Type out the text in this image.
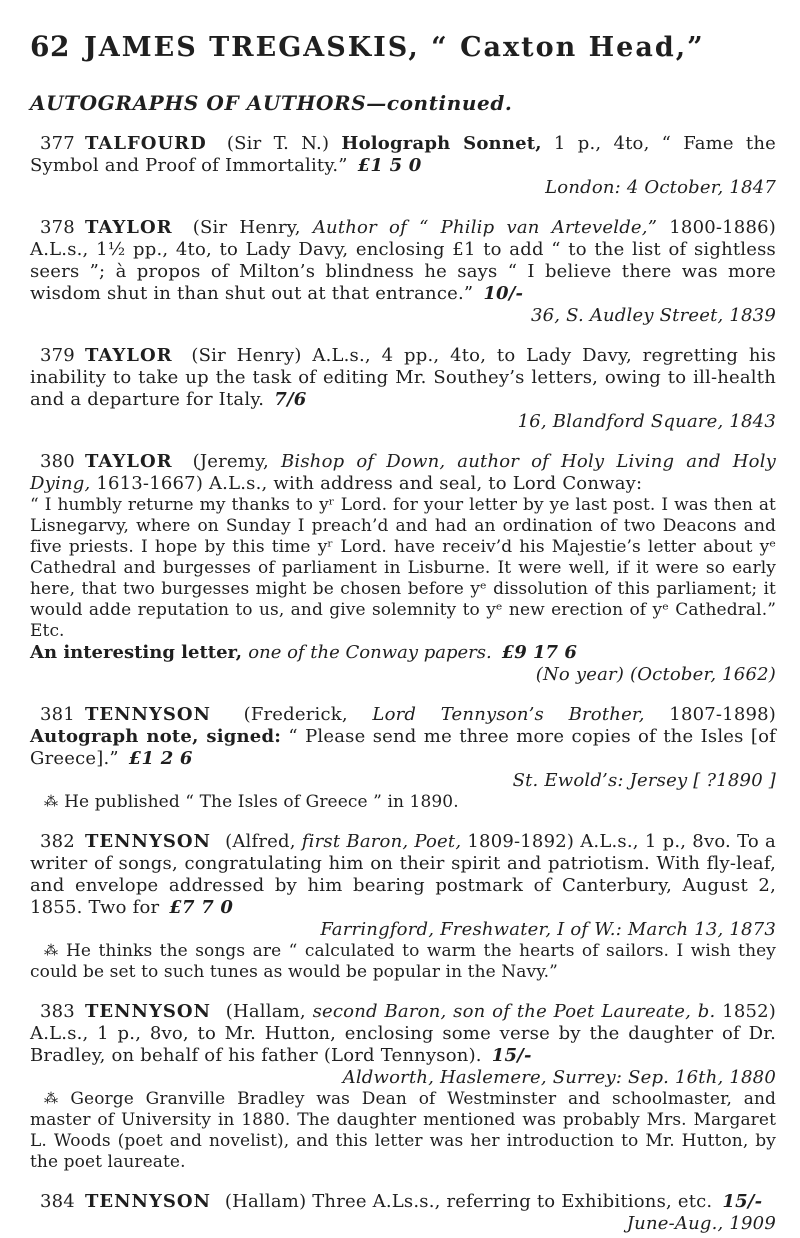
62 JAMES TREGASKIS, “ Caxton Head,”
AUTOGRAPHS OF AUTHORS—continued.
377 TALFOURD (Sir T. N.) Holograph Sonnet, 1 p., 4to, “ Fame the Symbol and Proof of Immortality.” £1 5 0
London: 4 October, 1847
378 TAYLOR (Sir Henry, Author of “ Philip van Artevelde,” 1800-1886) A.L.s., 1½ pp., 4to, to Lady Davy, enclosing £1 to add “ to the list of sightless seers ”; à propos of Milton’s blindness he says “ I believe there was more wisdom shut in than shut out at that entrance.” 10/-
36, S. Audley Street, 1839
379 TAYLOR (Sir Henry) A.L.s., 4 pp., 4to, to Lady Davy, regretting his inability to take up the task of editing Mr. Southey’s letters, owing to ill-health and a departure for Italy. 7/6
16, Blandford Square, 1843
380 TAYLOR (Jeremy, Bishop of Down, author of Holy Living and Holy Dying, 1613-1667) A.L.s., with address and seal, to Lord Conway:
“ I humbly returne my thanks to yʳ Lord. for your letter by ye last post. I was then at Lisnegarvy, where on Sunday I preach’d and had an ordination of two Deacons and five priests. I hope by this time yʳ Lord. have receiv’d his Majestie’s letter about yᵉ Cathedral and burgesses of parliament in Lisburne. It were well, if it were so early here, that two burgesses might be chosen before yᵉ dissolution of this parliament; it would adde reputation to us, and give solemnity to yᵉ new erection of yᵉ Cathedral.” Etc.
An interesting letter, one of the Conway papers. £9 17 6
(No year) (October, 1662)
381 TENNYSON (Frederick, Lord Tennyson’s Brother, 1807-1898) Autograph note, signed: “ Please send me three more copies of the Isles [of Greece].” £1 2 6
St. Ewold’s: Jersey [ ?1890 ]
⁂ He published “ The Isles of Greece ” in 1890.
382 TENNYSON (Alfred, first Baron, Poet, 1809-1892) A.L.s., 1 p., 8vo. To a writer of songs, congratulating him on their spirit and patriotism. With fly-leaf, and envelope addressed by him bearing postmark of Canterbury, August 2, 1855. Two for £7 7 0
Farringford, Freshwater, I of W.: March 13, 1873
⁂ He thinks the songs are “ calculated to warm the hearts of sailors. I wish they could be set to such tunes as would be popular in the Navy.”
383 TENNYSON (Hallam, second Baron, son of the Poet Laureate, b. 1852) A.L.s., 1 p., 8vo, to Mr. Hutton, enclosing some verse by the daughter of Dr. Bradley, on behalf of his father (Lord Tennyson). 15/-
Aldworth, Haslemere, Surrey: Sep. 16th, 1880
⁂ George Granville Bradley was Dean of Westminster and schoolmaster, and master of University in 1880. The daughter mentioned was probably Mrs. Margaret L. Woods (poet and novelist), and this letter was her introduction to Mr. Hutton, by the poet laureate.
384 TENNYSON (Hallam) Three A.Ls.s., referring to Exhibitions, etc. 15/-
June-Aug., 1909
